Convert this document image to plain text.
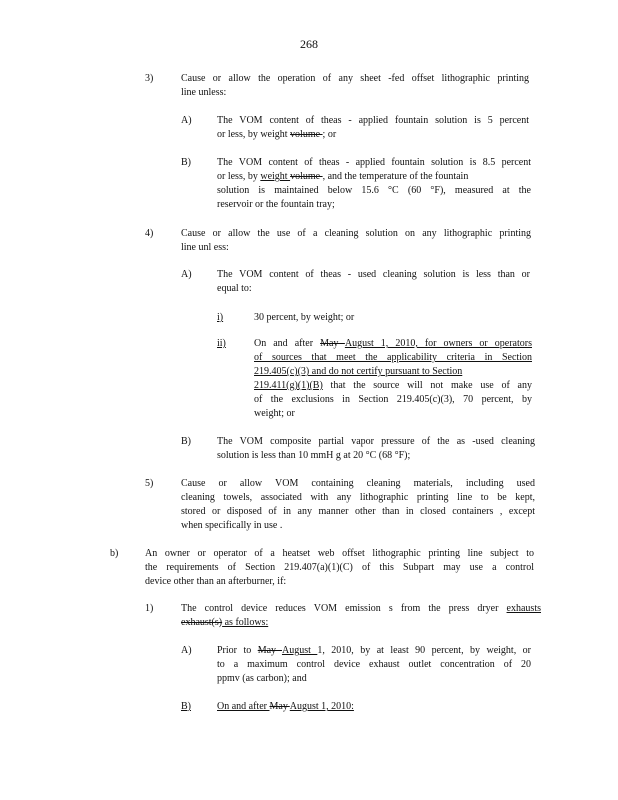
268
3)	Cause or allow the operation of any sheet -fed offset lithographic printing
line unless:
A)	The VOM content of theas - applied fountain solution is 5 percent
or less, by weight volume ; or
B)	The VOM content of theas - applied fountain solution is 8.5 percent
or less, by weight volume , and the temperature of the fountain
solution is maintained below 15.6 °C (60 °F), measured at the
reservoir or the fountain tray;
4)	Cause or allow the use of a cleaning solution on any lithographic printing
line unl ess:
A)	The VOM content of theas - used cleaning solution is less than or
equal to:
i)	30 percent, by weight; or
ii)	On and after May August 1, 2010, for owners or operators
of sources that meet the applicability criteria in Section
219.405(c)(3) and do not certify pursuant to Section
219.411(g)(1)(B) that the source will not make use of any
of the exclusions in Section 219.405(c)(3), 70 percent, by
weight; or
B)	The VOM composite partial vapor pressure of the as -used cleaning
solution is less than 10 mmH g at 20 °C (68 °F);
5)	Cause or allow VOM containing cleaning materials, including used
cleaning towels, associated with any lithographic printing line to be kept,
stored or disposed of in any manner other than in closed containers , except
when specifically in use .
b)	An owner or operator of a heatset web offset lithographic printing line subject to
the requirements of Section 219.407(a)(1)(C) of this Subpart may use a control
device other than an afterburner, if:
1)	The control device reduces VOM emission s from the press dryer exhausts
exhaust(s) as follows:
A)	Prior to May August 1, 2010, by at least 90 percent, by weight, or
to a maximum control device exhaust outlet concentration of 20
ppmv (as carbon); and
B)	On and after May August 1, 2010:
